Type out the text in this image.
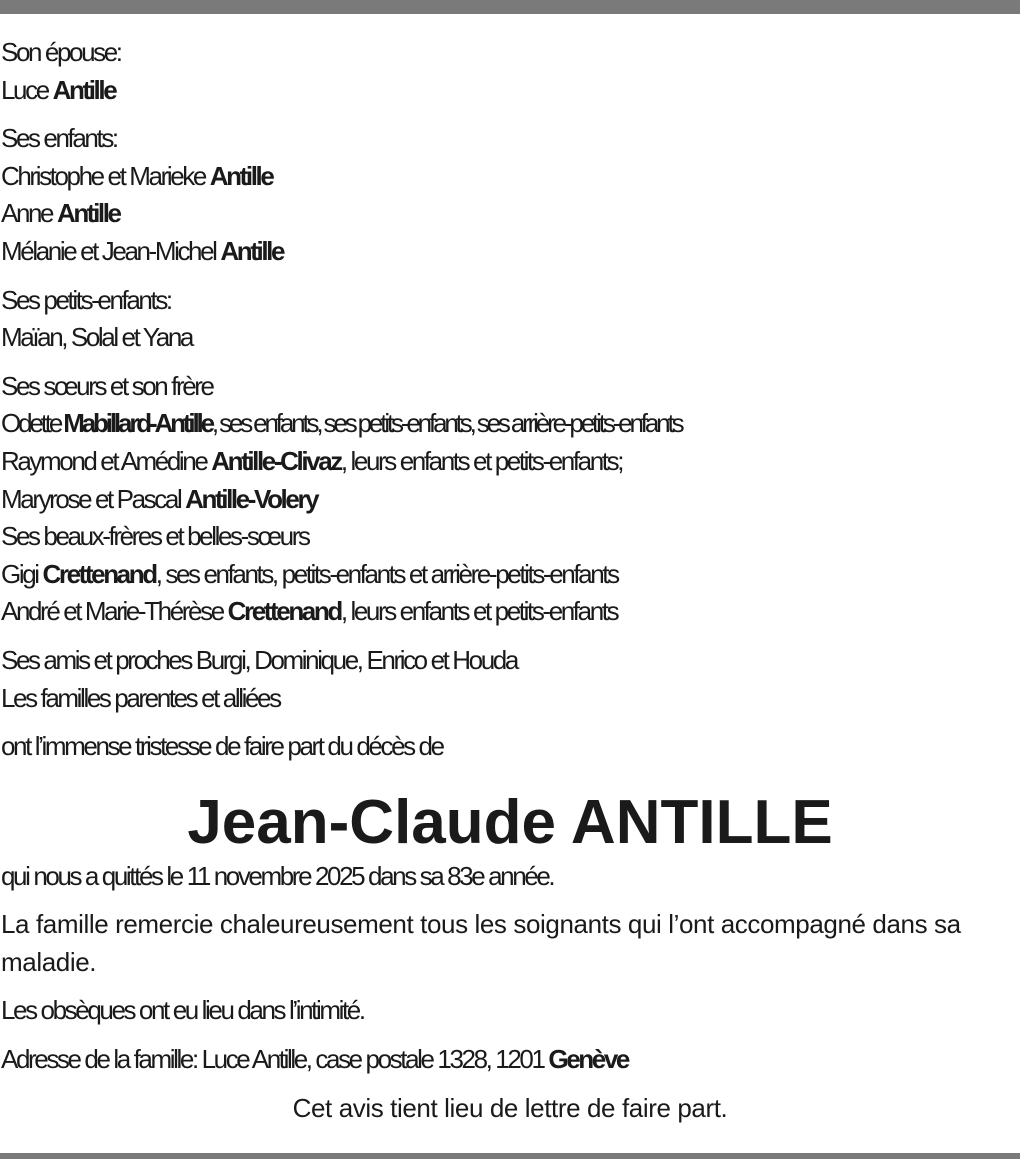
Son épouse:
Luce Antille
Ses enfants:
Christophe et Marieke Antille
Anne Antille
Mélanie et Jean-Michel Antille
Ses petits-enfants:
Maïan, Solal et Yana
Ses sœurs et son frère
Odette Mabillard-Antille, ses enfants, ses petits-enfants, ses arrière-petits-enfants
Raymond et Amédine Antille-Clivaz, leurs enfants et petits-enfants;
Maryrose et Pascal Antille-Volery
Ses beaux-frères et belles-sœurs
Gigi Crettenand, ses enfants, petits-enfants et arrière-petits-enfants
André et Marie-Thérèse Crettenand, leurs enfants et petits-enfants
Ses amis et proches Burgi, Dominique, Enrico et Houda
Les familles parentes et alliées
ont l’immense tristesse de faire part du décès de
Jean-Claude ANTILLE
qui nous a quittés le 11 novembre 2025 dans sa 83e année.
La famille remercie chaleureusement tous les soignants qui l’ont accompagné dans sa maladie.
Les obsèques ont eu lieu dans l’intimité.
Adresse de la famille: Luce Antille, case postale 1328, 1201 Genève
Cet avis tient lieu de lettre de faire part.
